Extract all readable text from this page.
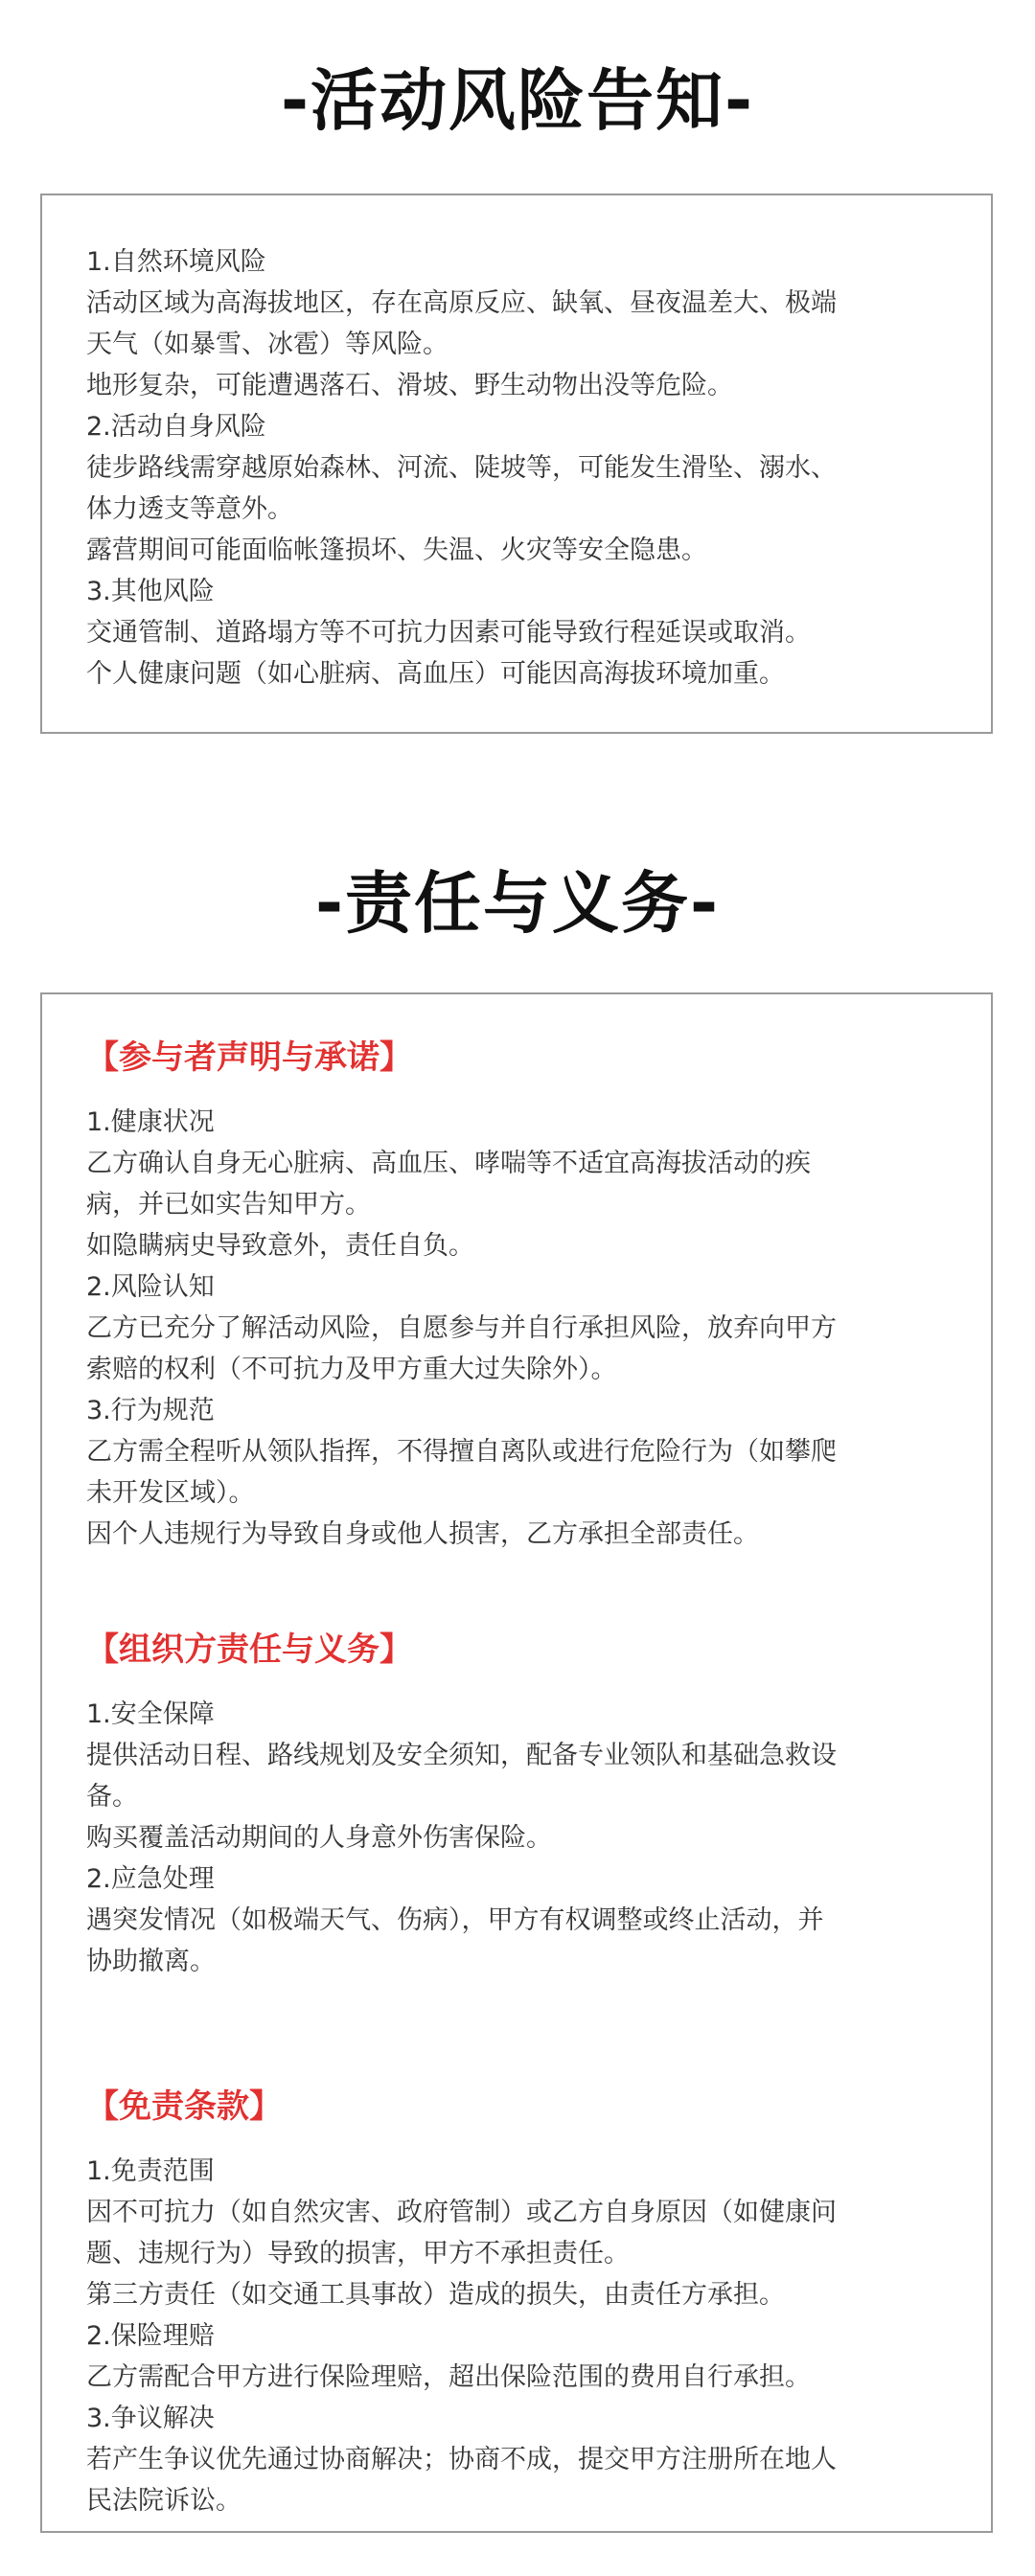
-活动风险告知-
1.自然环境风险
活动区域为高海拔地区，存在高原反应、缺氧、昼夜温差大、极端
天气（如暴雪、冰雹）等风险。
地形复杂，可能遭遇落石、滑坡、野生动物出没等危险。
2.活动自身风险
徒步路线需穿越原始森林、河流、陡坡等，可能发生滑坠、溺水、
体力透支等意外。
露营期间可能面临帐篷损坏、失温、火灾等安全隐患。
3.其他风险
交通管制、道路塌方等不可抗力因素可能导致行程延误或取消。
个人健康问题（如心脏病、高血压）可能因高海拔环境加重。
-责任与义务-
【参与者声明与承诺】
1.健康状况
乙方确认自身无心脏病、高血压、哮喘等不适宜高海拔活动的疾
病，并已如实告知甲方。
如隐瞒病史导致意外，责任自负。
2.风险认知
乙方已充分了解活动风险，自愿参与并自行承担风险，放弃向甲方
索赔的权利（不可抗力及甲方重大过失除外）。
3.行为规范
乙方需全程听从领队指挥，不得擅自离队或进行危险行为（如攀爬
未开发区域）。
因个人违规行为导致自身或他人损害，乙方承担全部责任。
【组织方责任与义务】
1.安全保障
提供活动日程、路线规划及安全须知，配备专业领队和基础急救设
备。
购买覆盖活动期间的人身意外伤害保险。
2.应急处理
遇突发情况（如极端天气、伤病），甲方有权调整或终止活动，并
协助撤离。
【免责条款】
1.免责范围
因不可抗力（如自然灾害、政府管制）或乙方自身原因（如健康问
题、违规行为）导致的损害，甲方不承担责任。
第三方责任（如交通工具事故）造成的损失，由责任方承担。
2.保险理赔
乙方需配合甲方进行保险理赔，超出保险范围的费用自行承担。
3.争议解决
若产生争议优先通过协商解决；协商不成，提交甲方注册所在地人
民法院诉讼。
